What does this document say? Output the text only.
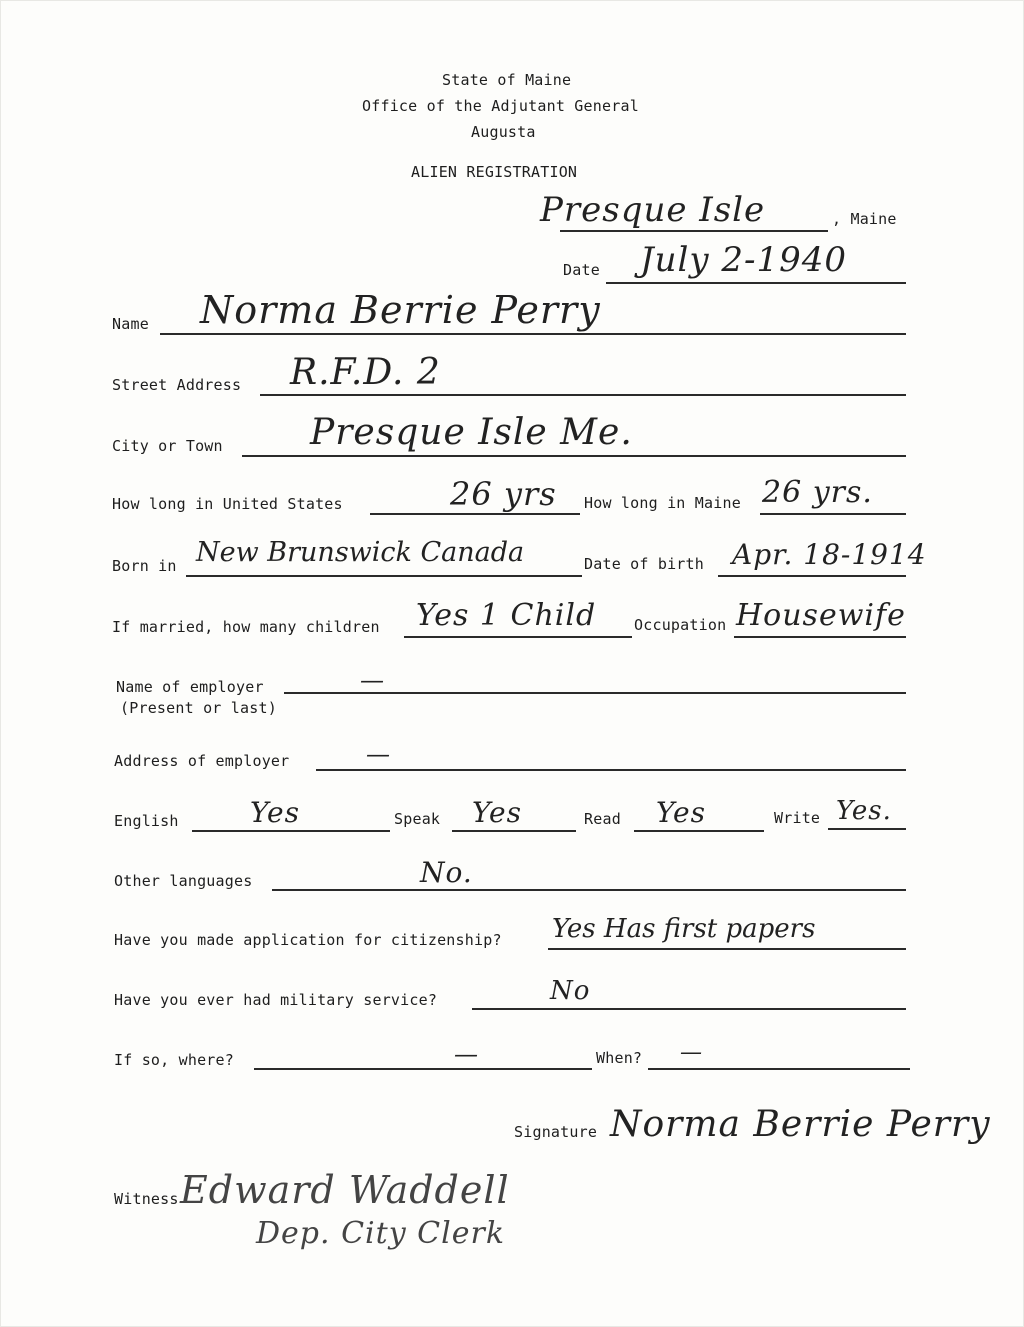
State of Maine
Office of the Adjutant General
Augusta
ALIEN REGISTRATION
Presque Isle	, Maine
Date July 2-1940
Name Norma Berrie Perry
Street Address R.F.D. 2
City or Town Presque Isle Me.
How long in United States	26 yrs How long in Maine 26 yrs.
Born in New Brunswick Canada	Date of birth Apr. 18-1914
If married, how many children Yes 1 Child	Occupation Housewife
Name of employer
(Present or last)
—
Address of employer	—
English	Yes	Speak Yes	Read Yes	Write Yes.
Other languages	No.
Have you made application for citizenship? Yes Has first papers
Have you ever had military service?	No
If so, where?	—	When? —
Signature Norma Berrie Perry
Witness Edward Waddell
Dep. City Clerk
